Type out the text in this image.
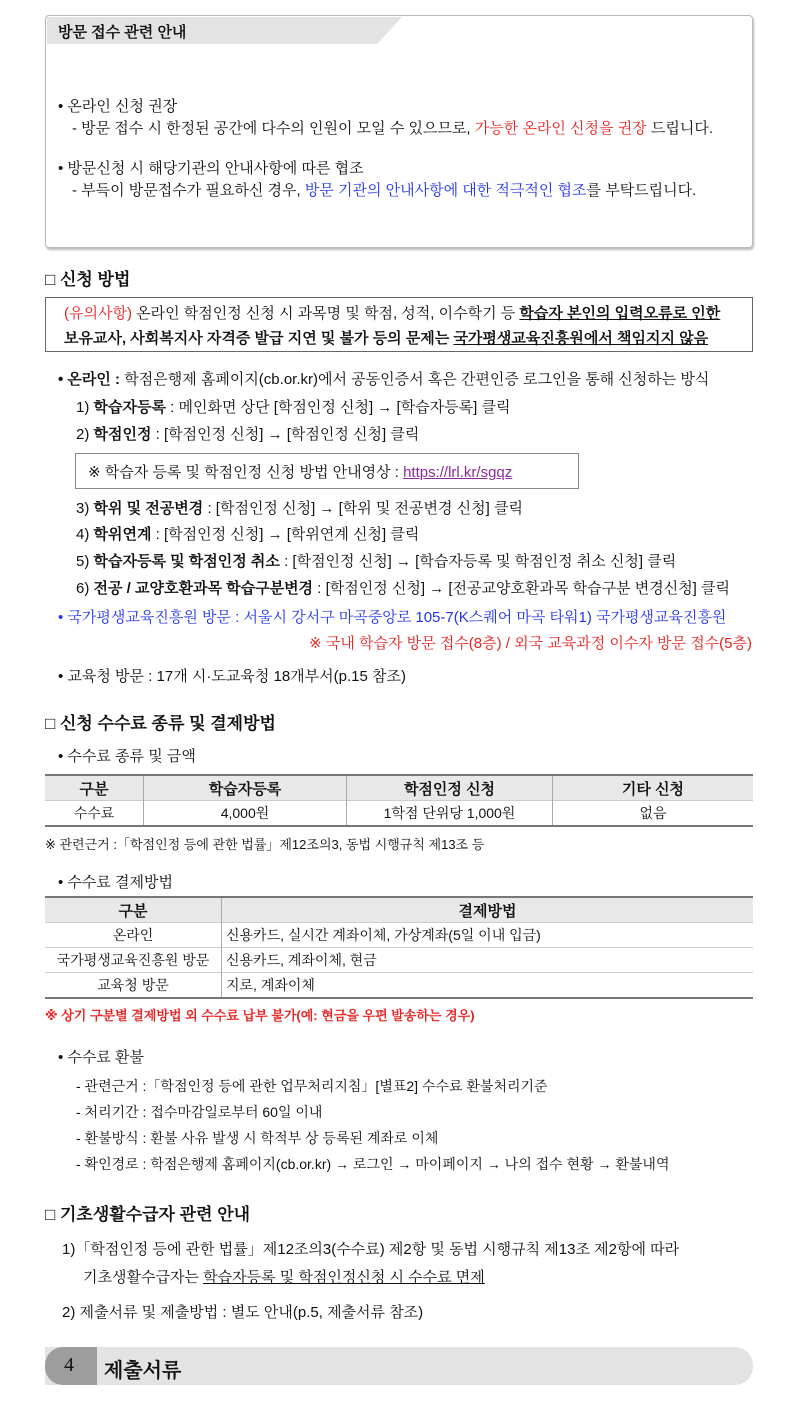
방문 접수 관련 안내
• 온라인 신청 권장
- 방문 접수 시 한정된 공간에 다수의 인원이 모일 수 있으므로, 가능한 온라인 신청을 권장 드립니다.
• 방문신청 시 해당기관의 안내사항에 따른 협조
- 부득이 방문접수가 필요하신 경우, 방문 기관의 안내사항에 대한 적극적인 협조를 부탁드립니다.
□ 신청 방법
(유의사항) 온라인 학점인정 신청 시 과목명 및 학점, 성적, 이수학기 등 학습자 본인의 입력오류로 인한
보유교사, 사회복지사 자격증 발급 지연 및 불가 등의 문제는 국가평생교육진흥원에서 책임지지 않음
• 온라인 : 학점은행제 홈페이지(cb.or.kr)에서 공동인증서 혹은 간편인증 로그인을 통해 신청하는 방식
1) 학습자등록 : 메인화면 상단 [학점인정 신청] → [학습자등록] 클릭
2) 학점인정 : [학점인정 신청] → [학점인정 신청] 클릭
※ 학습자 등록 및 학점인정 신청 방법 안내영상 : https://lrl.kr/sgqz
3) 학위 및 전공변경 : [학점인정 신청] → [학위 및 전공변경 신청] 클릭
4) 학위연계 : [학점인정 신청] → [학위연계 신청] 클릭
5) 학습자등록 및 학점인정 취소 : [학점인정 신청] → [학습자등록 및 학점인정 취소 신청] 클릭
6) 전공 / 교양호환과목 학습구분변경 : [학점인정 신청] → [전공교양호환과목 학습구분 변경신청] 클릭
• 국가평생교육진흥원 방문 : 서울시 강서구 마곡중앙로 105-7(K스퀘어 마곡 타워1) 국가평생교육진흥원
※ 국내 학습자 방문 접수(8층) / 외국 교육과정 이수자 방문 접수(5층)
• 교육청 방문 : 17개 시·도교육청 18개부서(p.15 참조)
□ 신청 수수료 종류 및 결제방법
• 수수료 종류 및 금액
구분	학습자등록	학점인정 신청	기타 신청
수수료	4,000원	1학점 단위당 1,000원	없음
※ 관련근거 :「학점인정 등에 관한 법률」제12조의3, 동법 시행규칙 제13조 등
• 수수료 결제방법
구분	결제방법
온라인	신용카드, 실시간 계좌이체, 가상계좌(5일 이내 입금)
국가평생교육진흥원 방문	신용카드, 계좌이체, 현금
교육청 방문	지로, 계좌이체
※ 상기 구분별 결제방법 외 수수료 납부 불가(예: 현금을 우편 발송하는 경우)
• 수수료 환불
- 관련근거 :「학점인정 등에 관한 업무처리지침」[별표2] 수수료 환불처리기준
- 처리기간 : 접수마감일로부터 60일 이내
- 환불방식 : 환불 사유 발생 시 학적부 상 등록된 계좌로 이체
- 확인경로 : 학점은행제 홈페이지(cb.or.kr) → 로그인 → 마이페이지 → 나의 접수 현황 → 환불내역
□ 기초생활수급자 관련 안내
1)「학점인정 등에 관한 법률」제12조의3(수수료) 제2항 및 동법 시행규칙 제13조 제2항에 따라
기초생활수급자는 학습자등록 및 학점인정신청 시 수수료 면제
2) 제출서류 및 제출방법 : 별도 안내(p.5, 제출서류 참조)
4 제출서류
